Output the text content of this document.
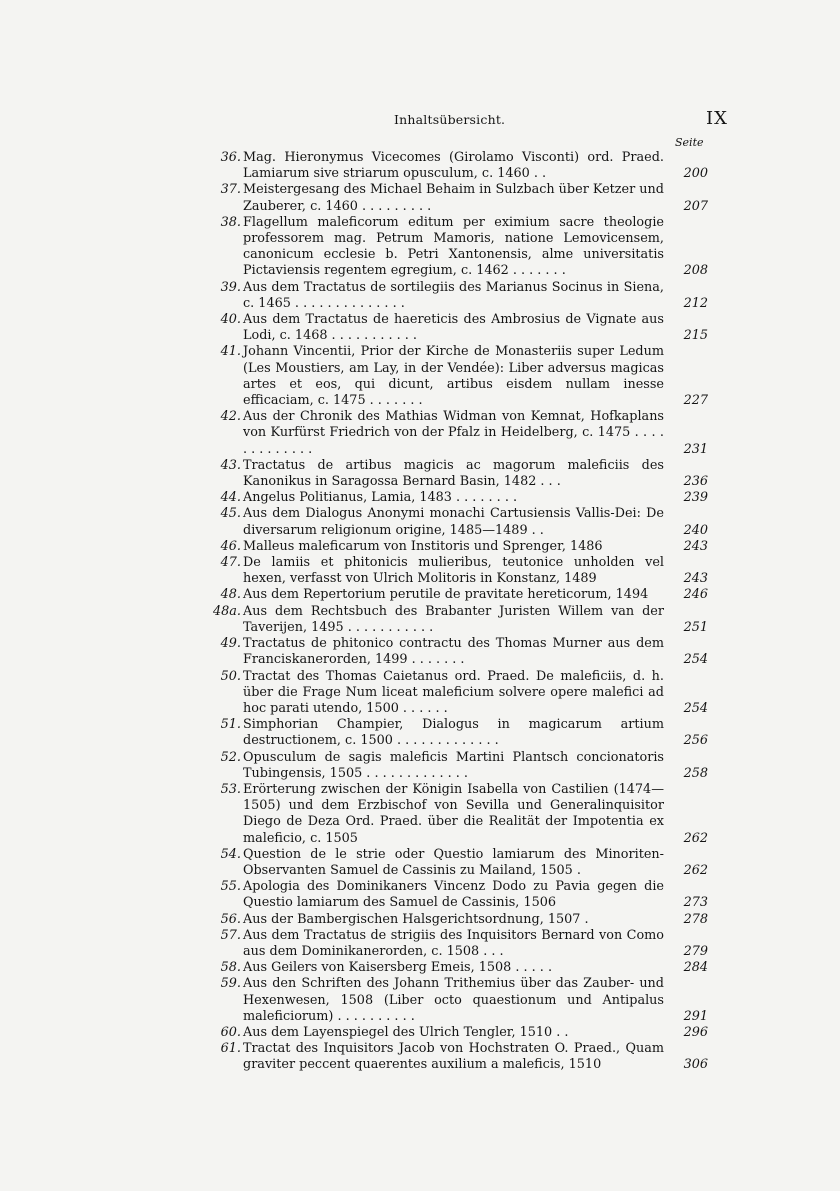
Inhaltsübersicht.	IX
Seite
36. Mag. Hieronymus Vicecomes (Girolamo Visconti) ord. Praed. Lamiarum sive striarum opusculum, c. 1460 . .	200
37. Meistergesang des Michael Behaim in Sulzbach über Ketzer und Zauberer, c. 1460 . . . . . . . . .	207
38. Flagellum maleficorum editum per eximium sacre theologie professorem mag. Petrum Mamoris, natione Lemovicensem, canonicum ecclesie b. Petri Xantonensis, alme universitatis Pictaviensis regentem egregium, c. 1462 . . . . . . .	208
39. Aus dem Tractatus de sortilegiis des Marianus Socinus in Siena, c. 1465 . . . . . . . . . . . . . .	212
40. Aus dem Tractatus de haereticis des Ambrosius de Vignate aus Lodi, c. 1468 . . . . . . . . . . .	215
41. Johann Vincentii, Prior der Kirche de Monasteriis super Ledum (Les Moustiers, am Lay, in der Vendée): Liber adversus magicas artes et eos, qui dicunt, artibus eisdem nullam inesse efficaciam, c. 1475 . . . . . . .	227
42. Aus der Chronik des Mathias Widman von Kemnat, Hofkaplans von Kurfürst Friedrich von der Pfalz in Heidelberg, c. 1475 . . . . . . . . . . . . .	231
43. Tractatus de artibus magicis ac magorum maleficiis des Kanonikus in Saragossa Bernard Basin, 1482 . . .	236
44. Angelus Politianus, Lamia, 1483 . . . . . . . .	239
45. Aus dem Dialogus Anonymi monachi Cartusiensis Vallis-Dei: De diversarum religionum origine, 1485—1489 . .	240
46. Malleus maleficarum von Institoris und Sprenger, 1486	243
47. De lamiis et phitonicis mulieribus, teutonice unholden vel hexen, verfasst von Ulrich Molitoris in Konstanz, 1489	243
48. Aus dem Repertorium perutile de pravitate hereticorum, 1494	246
48a. Aus dem Rechtsbuch des Brabanter Juristen Willem van der Taverijen, 1495 . . . . . . . . . . .	251
49. Tractatus de phitonico contractu des Thomas Murner aus dem Franciskanerorden, 1499 . . . . . . .	254
50. Tractat des Thomas Caietanus ord. Praed. De maleficiis, d. h. über die Frage Num liceat maleficium solvere opere malefici ad hoc parati utendo, 1500 . . . . . .	254
51. Simphorian Champier, Dialogus in magicarum artium destructionem, c. 1500 . . . . . . . . . . . . .	256
52. Opusculum de sagis maleficis Martini Plantsch concionatoris Tubingensis, 1505 . . . . . . . . . . . . .	258
53. Erörterung zwischen der Königin Isabella von Castilien (1474—1505) und dem Erzbischof von Sevilla und Generalinquisitor Diego de Deza Ord. Praed. über die Realität der Impotentia ex maleficio, c. 1505	262
54. Question de le strie oder Questio lamiarum des Minoriten-Observanten Samuel de Cassinis zu Mailand, 1505 .	262
55. Apologia des Dominikaners Vincenz Dodo zu Pavia gegen die Questio lamiarum des Samuel de Cassinis, 1506	273
56. Aus der Bambergischen Halsgerichtsordnung, 1507 .	278
57. Aus dem Tractatus de strigiis des Inquisitors Bernard von Como aus dem Dominikanerorden, c. 1508 . . .	279
58. Aus Geilers von Kaisersberg Emeis, 1508 . . . . .	284
59. Aus den Schriften des Johann Trithemius über das Zauber- und Hexenwesen, 1508 (Liber octo quaestionum und Antipalus maleficiorum) . . . . . . . . . .	291
60. Aus dem Layenspiegel des Ulrich Tengler, 1510 . .	296
61. Tractat des Inquisitors Jacob von Hochstraten O. Praed., Quam graviter peccent quaerentes auxilium a maleficis, 1510	306
